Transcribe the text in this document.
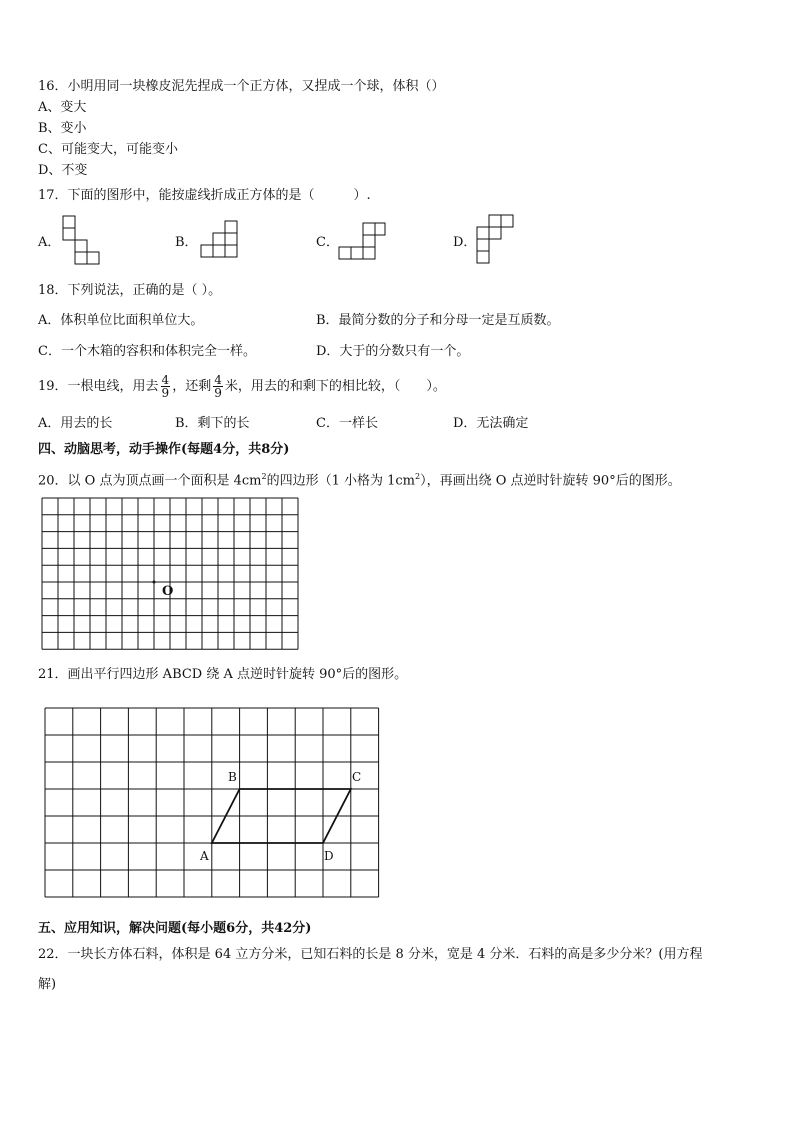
16．小明用同一块橡皮泥先捏成一个正方体，又捏成一个球，体积（）
A、变大
B、变小
C、可能变大，可能变小
D、不变
17．下面的图形中，能按虚线折成正方体的是（　　　）.
A．	B．	C．	D．
18．下列说法，正确的是（ ）。
A．体积单位比面积单位大。	B．最简分数的分子和分母一定是互质数。
C．一个木箱的容积和体积完全一样。	D．大于的分数只有一个。
19．一根电线，用去 $\frac{4}{9}$ ，还剩 $\frac{4}{9}$ 米，用去的和剩下的相比较，（　　）。
A．用去的长	B．剩下的长	C．一样长	D．无法确定
四、动脑思考，动手操作(每题4分，共8分)
20．以 O 点为顶点画一个面积是 $4cm^2$的四边形（1 小格为 $1cm^2$），再画出绕 O 点逆时针旋转 90°后的图形。
O
21．画出平行四边形 ABCD 绕 A 点逆时针旋转 90°后的图形。
B	C
A	D
五、应用知识，解决问题(每小题6分，共42分)
22．一块长方体石料，体积是 64 立方分米，已知石料的长是 8 分米，宽是 4 分米．石料的高是多少分米？(用方程
解)
